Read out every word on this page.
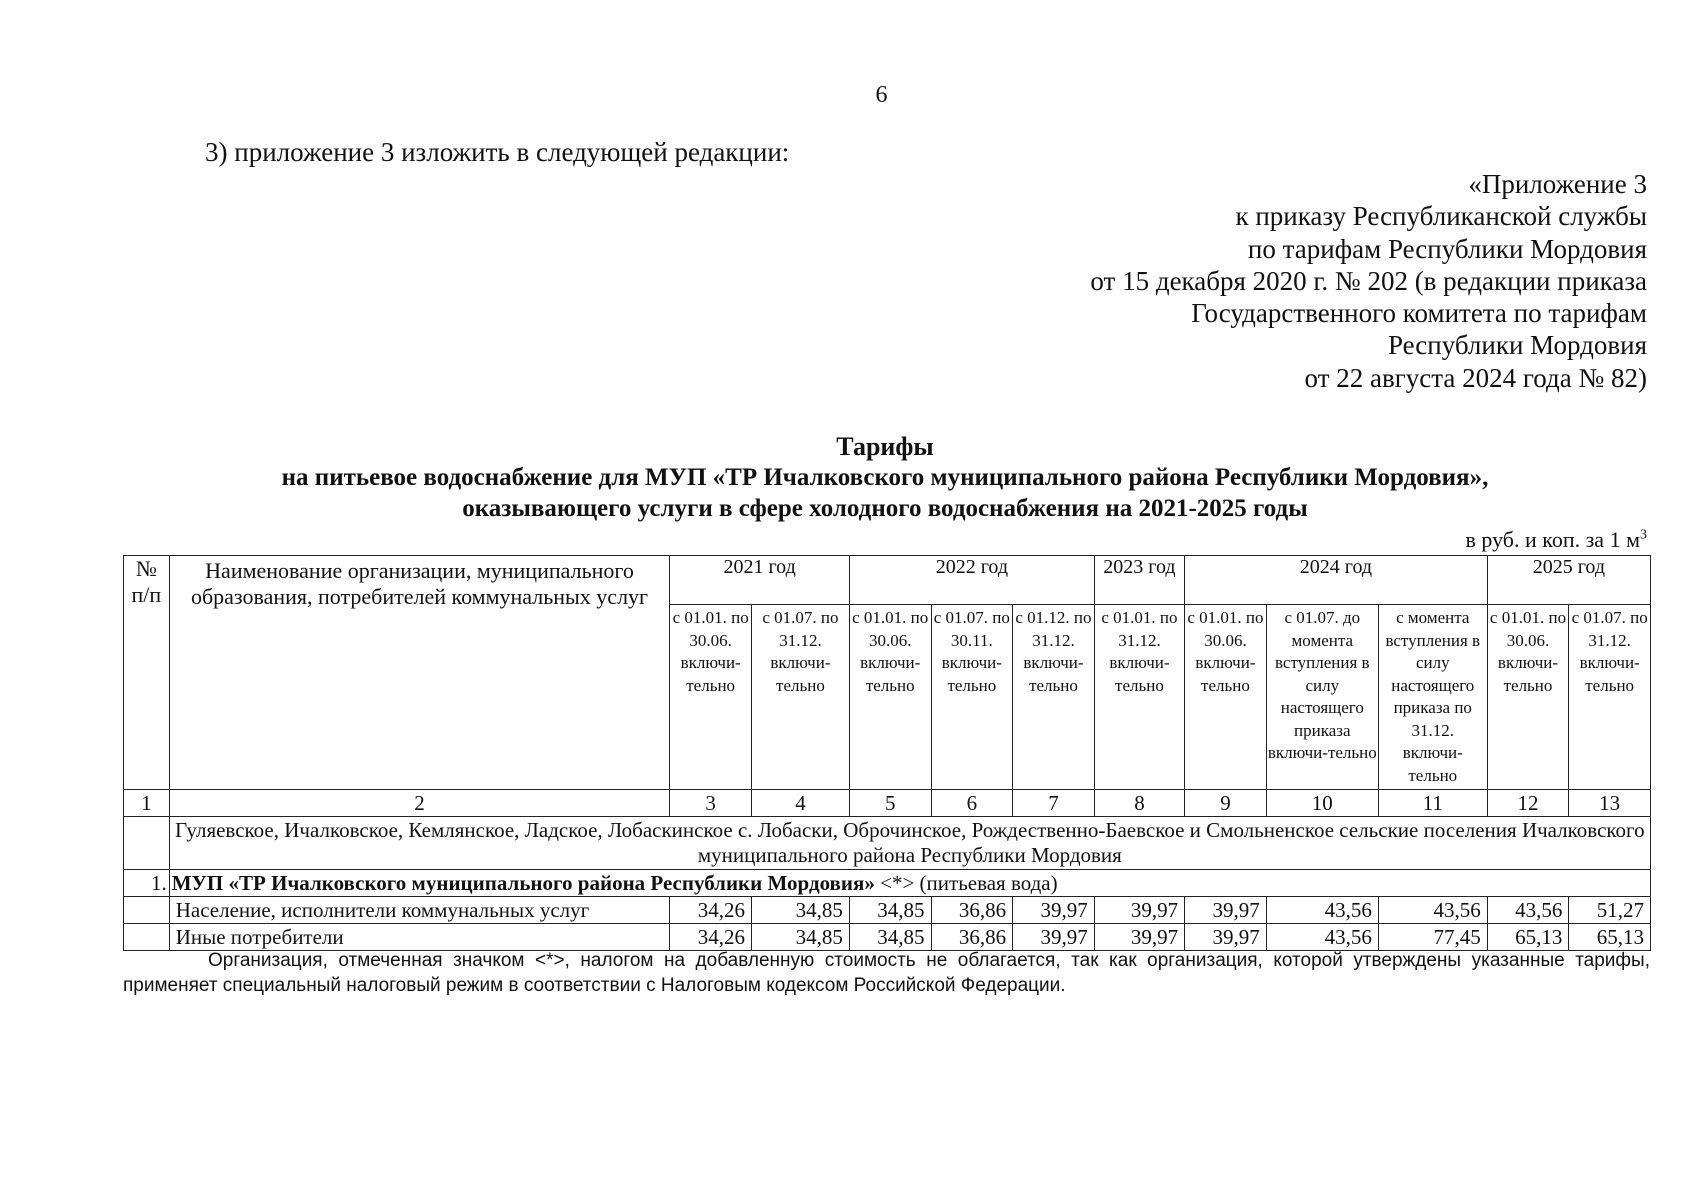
6
3) приложение 3 изложить в следующей редакции:
«Приложение 3
к приказу Республиканской службы
по тарифам Республики Мордовия
от 15 декабря 2020 г. № 202 (в редакции приказа
Государственного комитета по тарифам
Республики Мордовия
от 22 августа 2024 года № 82)
Тарифы
на питьевое водоснабжение для МУП «ТР Ичалковского муниципального района Республики Мордовия»,
оказывающего услуги в сфере холодного водоснабжения на 2021-2025 годы
в руб. и коп. за 1 $м^3$
№ п/п	Наименование организации, муниципального образования, потребителей коммунальных услуг	2021 год		2022 год			2023 год	2024 год			2025 год	
		с 01.01. по 30.06. включи-тельно	с 01.07. по 31.12. включи-тельно	с 01.01. по 30.06. включи-тельно	с 01.07. по 30.11. включи-тельно	с 01.12. по 31.12. включи-тельно	с 01.01. по 31.12. включи-тельно	с 01.01. по 30.06. включи-тельно	с 01.07. до момента вступления в силу настоящего приказа включи-тельно	с момента вступления в силу настоящего приказа по 31.12. включи-тельно	с 01.01. по 30.06. включи-тельно	с 01.07. по 31.12. включи-тельно
1	2	3	4	5	6	7	8	9	10	11	12	13
	Гуляевское, Ичалковское, Кемлянское, Ладское, Лобаскинское с. Лобаски, Оброчинское, Рождественно-Баевское и Смольненское сельские поселения Ичалковского муниципального района Республики Мордовия											
1.	МУП «ТР Ичалковского муниципального района Республики Мордовия» <*> (питьевая вода)											
	Население, исполнители коммунальных услуг	34,26	34,85	34,85	36,86	39,97	39,97	39,97	43,56	43,56	43,56	51,27
	Иные потребители	34,26	34,85	34,85	36,86	39,97	39,97	39,97	43,56	77,45	65,13	65,13
Организация, отмеченная значком <*>, налогом на добавленную стоимость не облагается, так как организация, которой утверждены указанные тарифы, применяет специальный налоговый режим в соответствии с Налоговым кодексом Российской Федерации.
